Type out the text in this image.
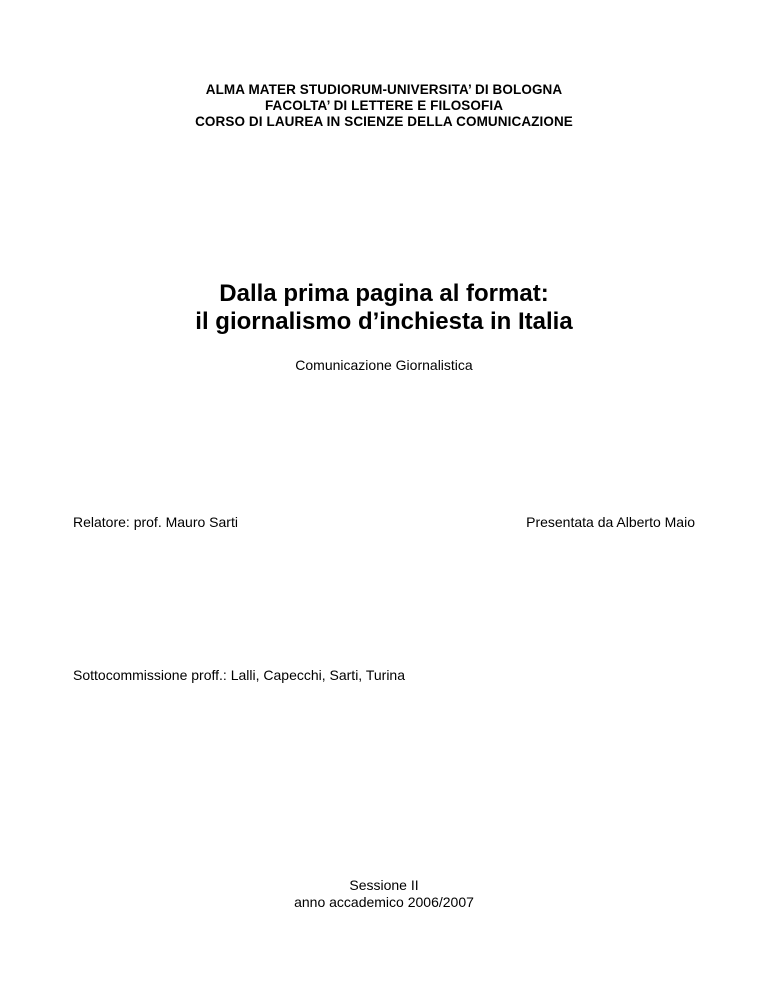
ALMA MATER STUDIORUM-UNIVERSITA’ DI BOLOGNA
FACOLTA’ DI LETTERE E FILOSOFIA
CORSO DI LAUREA IN SCIENZE DELLA COMUNICAZIONE
Dalla prima pagina al format:
il giornalismo d’inchiesta in Italia
Comunicazione Giornalistica
Relatore: prof. Mauro Sarti	Presentata da Alberto Maio
Sottocommissione proff.: Lalli, Capecchi, Sarti, Turina
Sessione II
anno accademico 2006/2007
